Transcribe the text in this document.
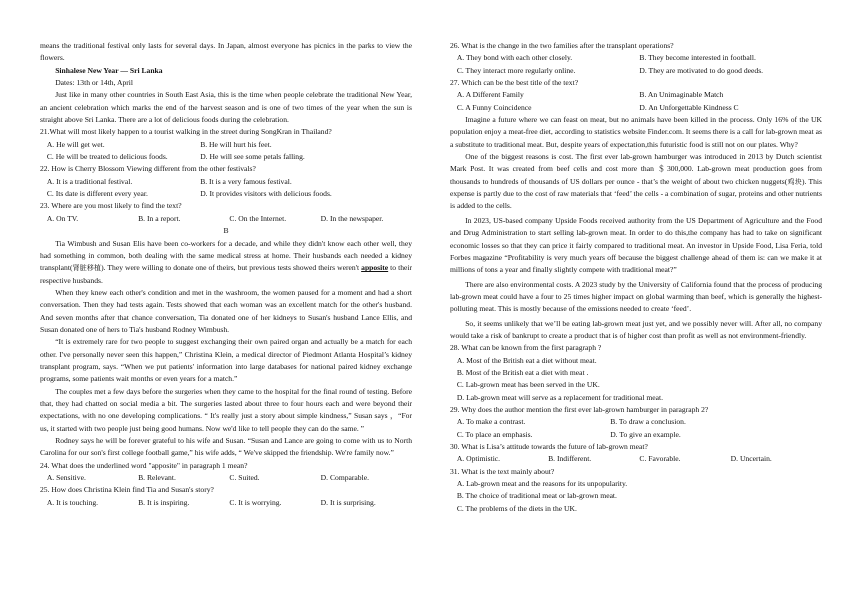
means the traditional festival only lasts for several days. In Japan, almost everyone has picnics in the parks to view the flowers.

Sinhalese New Year — Sri Lanka

Dates: 13th or 14th, April

Just like in many other countries in South East Asia, this is the time when people celebrate the traditional New Year, an ancient celebration which marks the end of the harvest season and is one of two times of the year when the sun is straight above Sri Lanka. There are a lot of delicious foods during the celebration.

21.What will most likely happen to a tourist walking in the street during SongKran in Thailand?

A. He will get wet.	B. He will hurt his feet.
C. He will be treated to delicious foods.	D. He will see some petals falling.

22. How is Cherry Blossom Viewing different from the other festivals?

A. It is a traditional festival.	B. It is a very famous festival.
C. Its date is different every year.	D. It provides visitors with delicious foods.

23. Where are you most likely to find the text?

A. On TV.	B. In a report.	C. On the Internet.	D. In the newspaper.

B

Tia Wimbush and Susan Elis have been co-workers for a decade, and while they didn't know each other well, they had something in common, both dealing with the same medical stress at home. Their husbands each needed a kidney transplant(肾脏移植). They were willing to donate one of theirs, but previous tests showed theirs weren't apposite to their respective husbands.

When they knew each other's condition and met in the washroom, the women paused for a moment and had a short conversation. Then they had tests again. Tests showed that each woman was an excellent match for the other's husband. And seven months after that chance conversation, Tia donated one of her kidneys to Susan's husband Lance Ellis, and Susan donated one of hers to Tia's husband Rodney Wimbush.

“It is extremely rare for two people to suggest exchanging their own paired organ and actually be a match for each other. I've personally never seen this happen,” Christina Klein, a medical director of Piedmont Atlanta Hospital’s kidney transplant program, says. “When we put patients' information into large databases for national paired kidney exchange programs, some patients wait months or even years for a match.”

The couples met a few days before the surgeries when they came to the hospital for the final round of testing. Before that, they had chatted on social media a bit. The surgeries lasted about three to four hours each and were beyond their expectations, with no one developing complications. “ It's really just a story about simple kindness,” Susan says ，“For us, it started with two people just being good humans. Now we'd like to tell people they can do the same. ”

Rodney says he will be forever grateful to his wife and Susan. “Susan and Lance are going to come with us to North Carolina for our son's first college football game,” his wife adds, “ We've skipped the friendship. We're family now.”

24. What does the underlined word "apposite" in paragraph 1 mean?

A. Sensitive.	B. Relevant.	C. Suited.	D. Comparable.

25. How does Christina Klein find Tia and Susan's story?

A. It is touching.	B. It is inspiring.	C. It is worrying.	D. It is surprising.

26. What is the change in the two families after the transplant operations?

A. They bond with each other closely.	B. They become interested in football.
C. They interact more regularly online.	D. They are motivated to do good deeds.

27. Which can be the best title of the text?

A. A Different Family	B. An Unimaginable Match
C. A Funny Coincidence	D. An Unforgettable Kindness C

Imagine a future where we can feast on meat, but no animals have been killed in the process. Only 16% of the UK population enjoy a meat-free diet, according to statistics website Finder.com. It seems there is a call for lab-grown meat as a substitute to traditional meat. But, despite years of expectation,this futuristic food is still not on our plates. Why?

One of the biggest reasons is cost. The first ever lab-grown hamburger was introduced in 2013 by Dutch scientist Mark Post. It was created from beef cells and cost more than ＄300,000. Lab-grown meat production goes from thousands to hundreds of thousands of US dollars per ounce - that’s the weight of about two chicken nuggets(鸡块). This expense is partly due to the cost of raw materials that ‘feed’ the cells - a combination of sugar, proteins and other nutrients is added to the cells.

In 2023, US-based company Upside Foods received authority from the US Department of Agriculture and the Food and Drug Administration to start selling lab-grown meat. In order to do this,the company has had to take on significant economic losses so that they can price it fairly compared to traditional meat. An investor in Upside Food, Lisa Feria, told Forbes magazine “Profitability is very much years off because the biggest challenge ahead of them is: can we make it at millions of tons a year and finally slightly compete with traditional meat?”

There are also environmental costs. A 2023 study by the University of California found that the process of producing lab-grown meat could have a four to 25 times higher impact on global warming than beef, which is generally the highest-polluting meat. This is mostly because of the emissions needed to create ‘feed’.

So, it seems unlikely that we’ll be eating lab-grown meat just yet, and we possibly never will. After all, no company would take a risk of bankrupt to create a product that is of higher cost than profit as well as not environment-friendly.

28. What can be known from the first paragraph ?

A. Most of the British eat a diet without meat.

B. Most of the British eat a diet with meat .

C. Lab-grown meat has been served in the UK.

D. Lab-grown meat will serve as a replacement for traditional meat.

29. Why does the author mention the first ever lab-grown hamburger in paragraph 2?

A. To make a contrast.	B. To draw a conclusion.
C. To place an emphasis.	D. To give an example.

30. What is Lisa’s attitude towards the future of lab-grown meat?

A. Optimistic.	B. Indifferent.	C. Favorable.	D. Uncertain.

31. What is the text mainly about?

A. Lab-grown meat and the reasons for its unpopularity.

B. The choice of traditional meat or lab-grown meat.

C. The problems of the diets in the UK.
